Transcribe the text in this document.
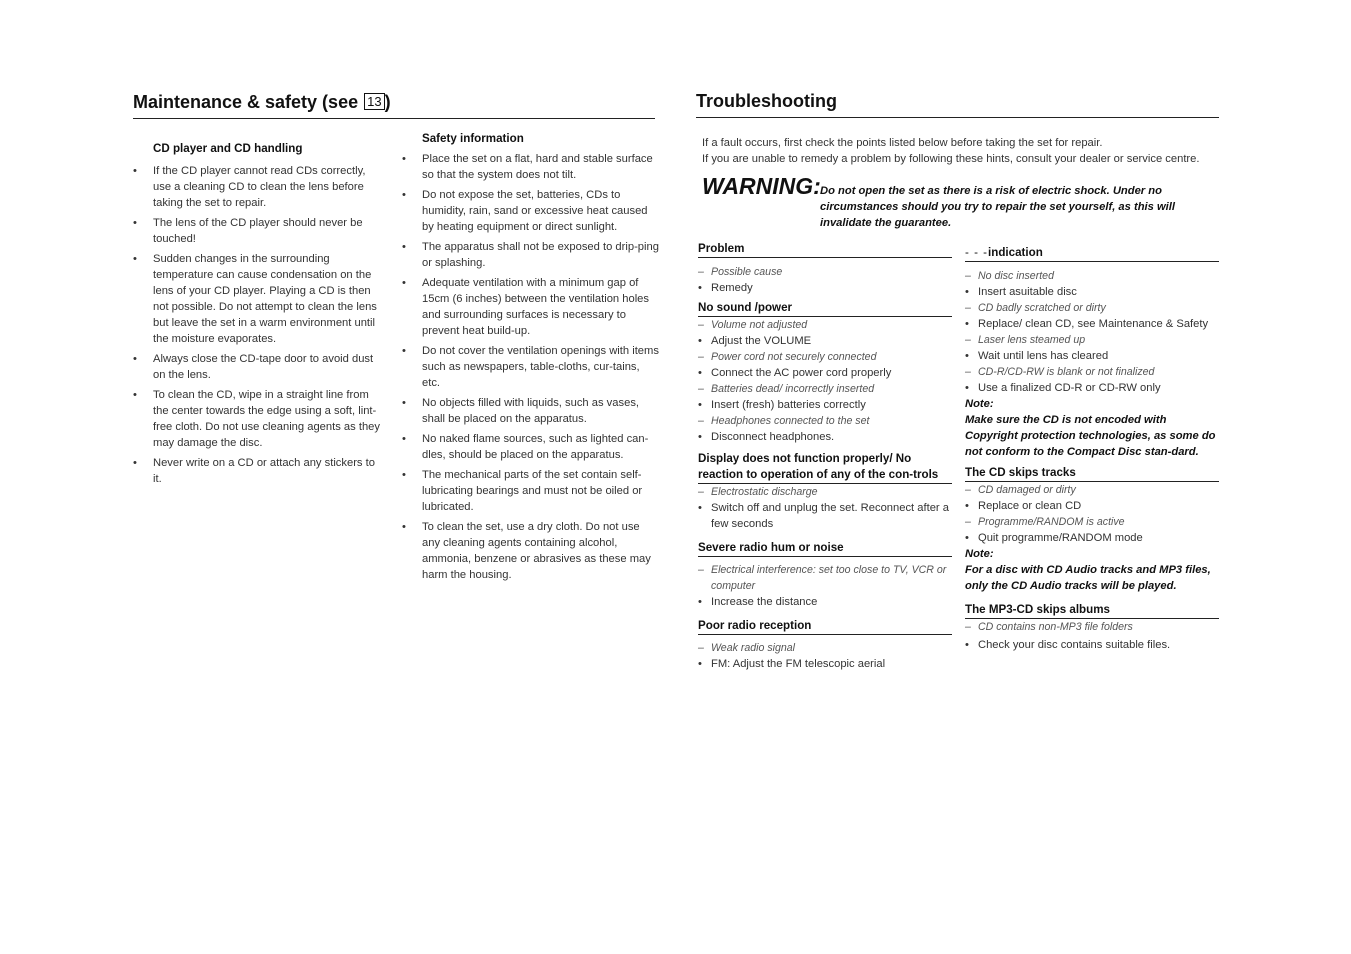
Maintenance & safety (see 13 )
CD player and CD handling
• If the CD player cannot read CDs correctly, use a cleaning CD to clean the lens before taking the set to repair.
• The lens of the CD player should never be touched!
• Sudden changes in the surrounding temperature can cause condensation on the lens of your CD player. Playing a CD is then not possible. Do not attempt to clean the lens but leave the set in a warm environment until the moisture evaporates.
• Always close the CD-tape door to avoid dust on the lens.
• To clean the CD, wipe in a straight line from the center towards the edge using a soft, lint-free cloth. Do not use cleaning agents as they may damage the disc.
• Never write on a CD or attach any stickers to it.
Safety information
• Place the set on a flat, hard and stable surface so that the system does not tilt.
• Do not expose the set, batteries, CDs to humidity, rain, sand or excessive heat caused by heating equipment or direct sunlight.
• The apparatus shall not be exposed to drip-ping or splashing.
• Adequate ventilation with a minimum gap of 15cm (6 inches) between the ventilation holes and surrounding surfaces is necessary to prevent heat build-up.
• Do not cover the ventilation openings with items such as newspapers, table-cloths, cur-tains, etc.
• No objects filled with liquids, such as vases, shall be placed on the apparatus.
• No naked flame sources, such as lighted can-dles, should be placed on the apparatus.
• The mechanical parts of the set contain self-lubricating bearings and must not be oiled or lubricated.
• To clean the set, use a dry cloth. Do not use any cleaning agents containing alcohol, ammonia, benzene or abrasives as these may harm the housing.
Troubleshooting
If a fault occurs, first check the points listed below before taking the set for repair.
If you are unable to remedy a problem by following these hints, consult your dealer or service centre.
WARNING: Do not open the set as there is a risk of electric shock. Under no circumstances should you try to repair the set yourself, as this will invalidate the guarantee.
Problem
– Possible cause
• Remedy
No sound /power
– Volume not adjusted
• Adjust the VOLUME
– Power cord not securely connected
• Connect the AC power cord properly
– Batteries dead/ incorrectly inserted
• Insert (fresh) batteries correctly
– Headphones connected to the set
• Disconnect headphones.
Display does not function properly/ No reaction to operation of any of the con-trols
– Electrostatic discharge
• Switch off and unplug the set. Reconnect after a few seconds
Severe radio hum or noise
– Electrical interference: set too close to TV, VCR or computer
• Increase the distance
Poor radio reception
– Weak radio signal
• FM: Adjust the FM telescopic aerial
- - -indication
– No disc inserted
• Insert asuitable disc
– CD badly scratched or dirty
• Replace/ clean CD, see Maintenance & Safety
– Laser lens steamed up
• Wait until lens has cleared
– CD-R/CD-RW is blank or not finalized
• Use a finalized CD-R or CD-RW only
Note:
Make sure the CD is not encoded with Copyright protection technologies, as some do not conform to the Compact Disc stan-dard.
The CD skips tracks
– CD damaged or dirty
• Replace or clean CD
– Programme/RANDOM is active
• Quit programme/RANDOM mode
Note:
For a disc with CD Audio tracks and MP3 files, only the CD Audio tracks will be played.
The MP3-CD skips albums
– CD contains non-MP3 file folders
• Check your disc contains suitable files.
